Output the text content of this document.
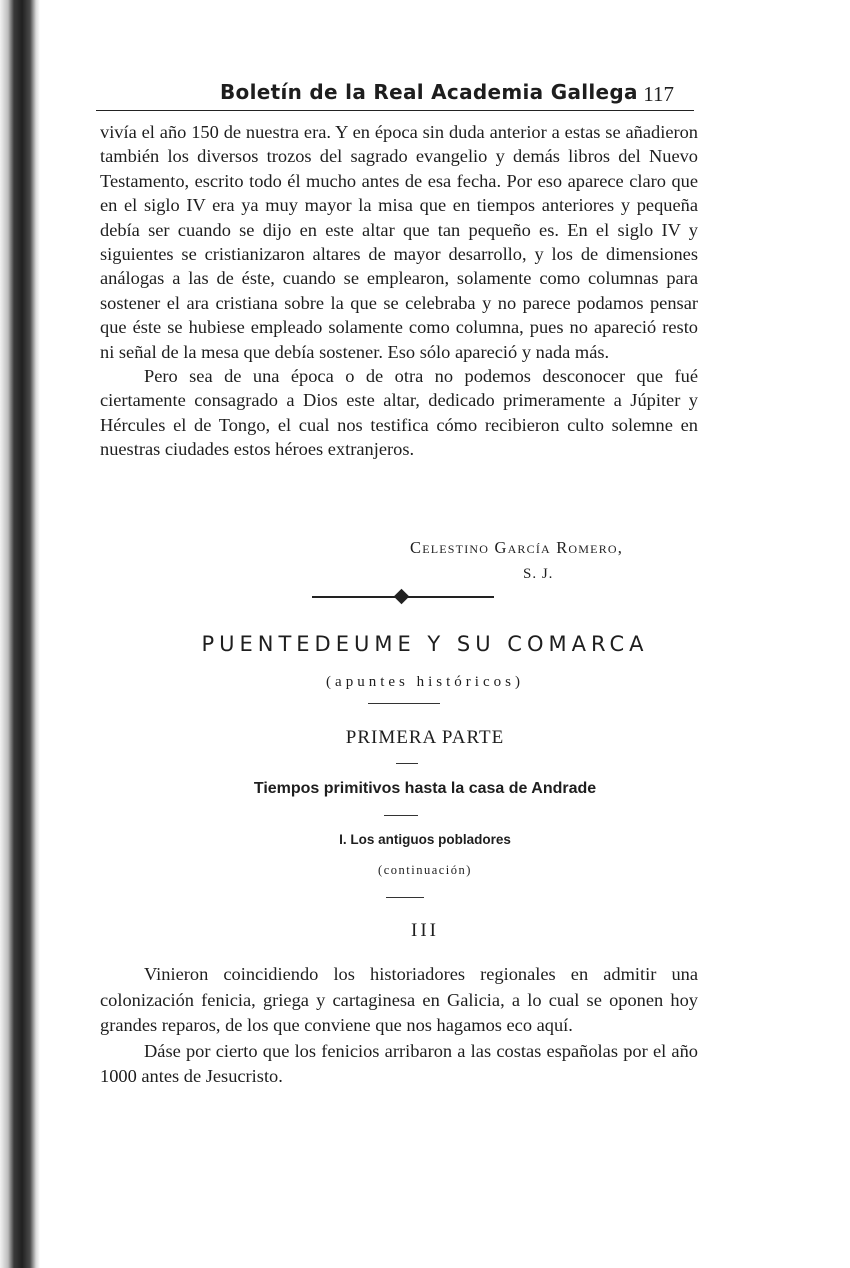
Boletín de la Real Academia Gallega 117

vivía el año 150 de nuestra era. Y en época sin duda anterior a estas se añadieron también los diversos trozos del sagrado evangelio y demás libros del Nuevo Testamento, escrito todo él mucho antes de esa fecha. Por eso aparece claro que en el siglo IV era ya muy mayor la misa que en tiempos anteriores y pequeña debía ser cuando se dijo en este altar que tan pequeño es. En el siglo IV y siguientes se cristianizaron altares de mayor desarrollo, y los de dimensiones análogas a las de éste, cuando se emplearon, solamente como columnas para sostener el ara cristiana sobre la que se celebraba y no parece podamos pensar que éste se hubiese empleado solamente como columna, pues no apareció resto ni señal de la mesa que debía sostener. Eso sólo apareció y nada más.

Pero sea de una época o de otra no podemos desconocer que fué ciertamente consagrado a Dios este altar, dedicado primeramente a Júpiter y Hércules el de Tongo, el cual nos testifica cómo recibieron culto solemne en nuestras ciudades estos héroes extranjeros.

Celestino García Romero,
S. J.
PUENTEDEUME Y SU COMARCA
(apuntes históricos)
PRIMERA PARTE
Tiempos primitivos hasta la casa de Andrade
I. Los antiguos pobladores
(continuación)
III

Vinieron coincidiendo los historiadores regionales en admitir una colonización fenicia, griega y cartaginesa en Galicia, a lo cual se oponen hoy grandes reparos, de los que conviene que nos hagamos eco aquí.

Dáse por cierto que los fenicios arribaron a las costas españolas por el año 1000 antes de Jesucristo.
